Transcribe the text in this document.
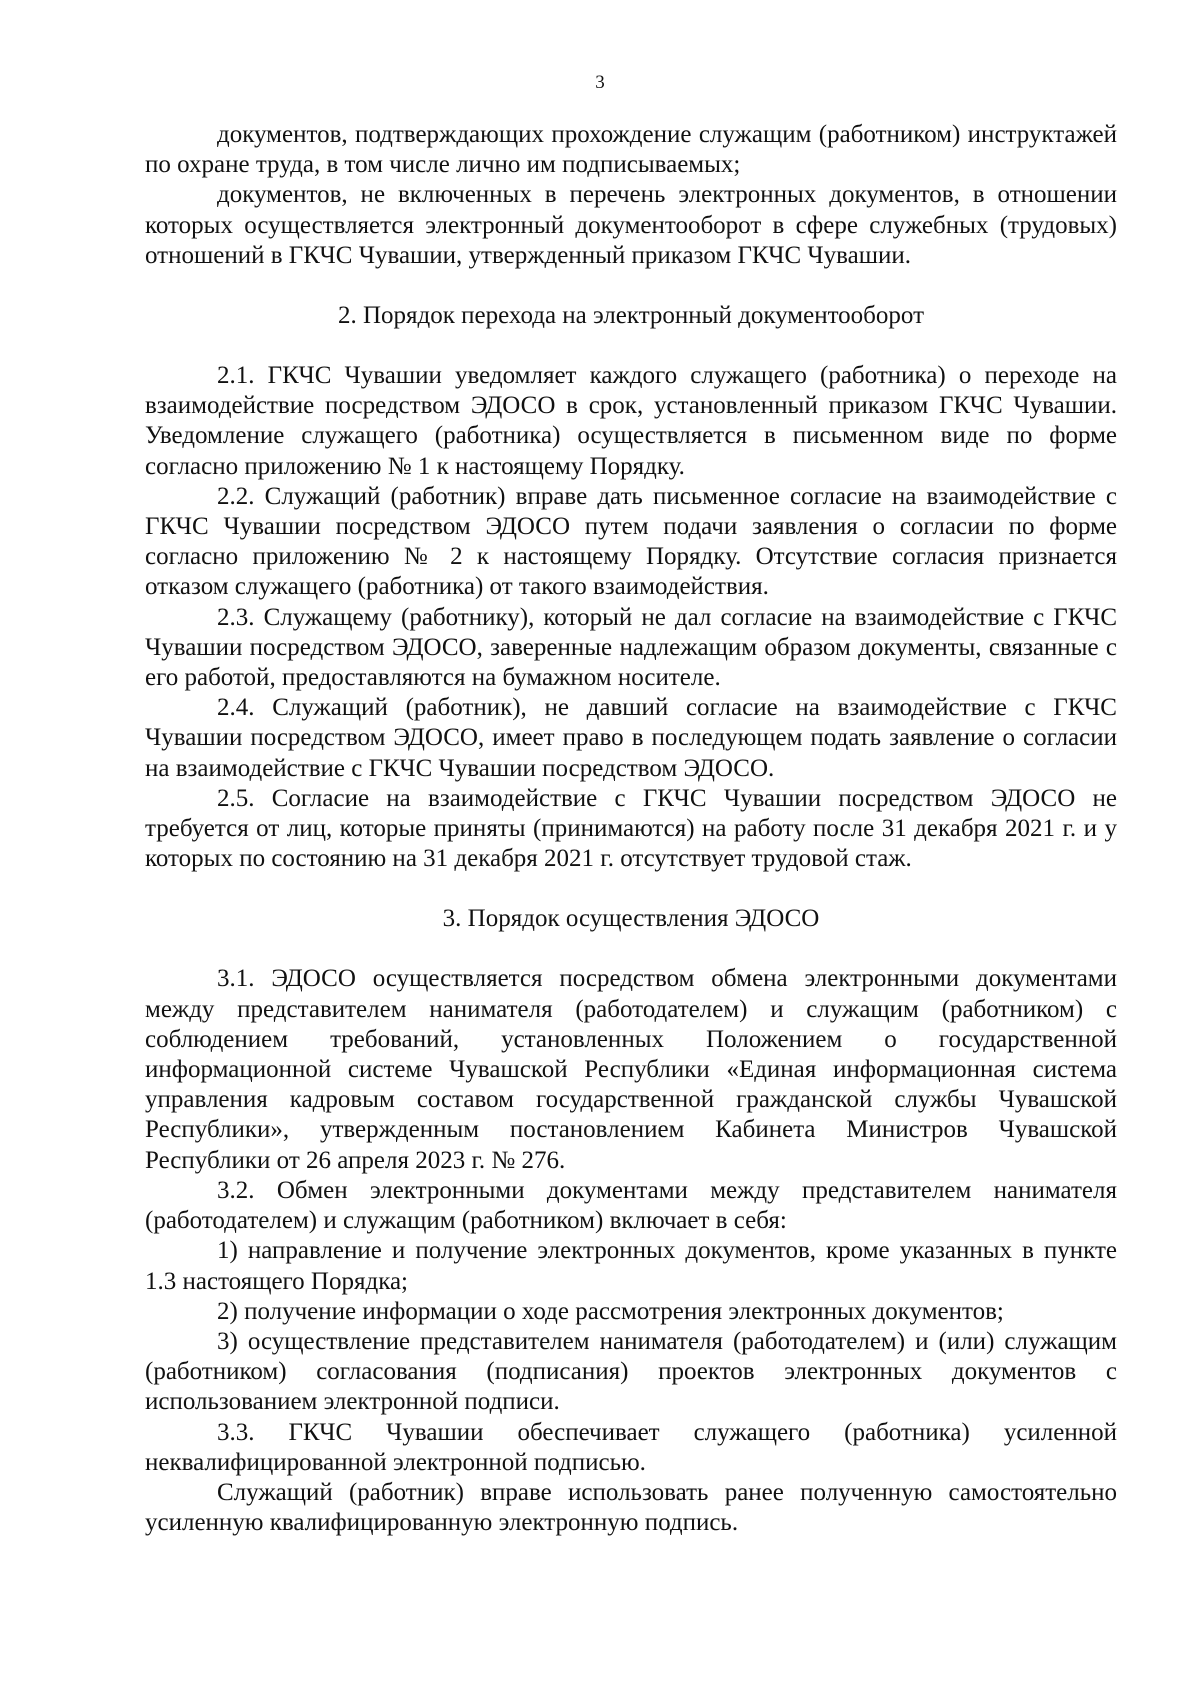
3

документов, подтверждающих прохождение служащим (работником) инструктажей по охране труда, в том числе лично им подписываемых;

документов, не включенных в перечень электронных документов, в отношении которых осуществляется электронный документооборот в сфере служебных (трудовых) отношений в ГКЧС Чувашии, утвержденный приказом ГКЧС Чувашии.

2. Порядок перехода на электронный документооборот

2.1. ГКЧС Чувашии уведомляет каждого служащего (работника) о переходе на взаимодействие посредством ЭДОСО в срок, установленный приказом ГКЧС Чувашии. Уведомление служащего (работника) осуществляется в письменном виде по форме согласно приложению № 1 к настоящему Порядку.

2.2. Служащий (работник) вправе дать письменное согласие на взаимодействие с ГКЧС Чувашии посредством ЭДОСО путем подачи заявления о согласии по форме согласно приложению № 2 к настоящему Порядку. Отсутствие согласия признается отказом служащего (работника) от такого взаимодействия.

2.3. Служащему (работнику), который не дал согласие на взаимодействие с ГКЧС Чувашии посредством ЭДОСО, заверенные надлежащим образом документы, связанные с его работой, предоставляются на бумажном носителе.

2.4. Служащий (работник), не давший согласие на взаимодействие с ГКЧС Чувашии посредством ЭДОСО, имеет право в последующем подать заявление о согласии на взаимодействие с ГКЧС Чувашии посредством ЭДОСО.

2.5. Согласие на взаимодействие с ГКЧС Чувашии посредством ЭДОСО не требуется от лиц, которые приняты (принимаются) на работу после 31 декабря 2021 г. и у которых по состоянию на 31 декабря 2021 г. отсутствует трудовой стаж.

3. Порядок осуществления ЭДОСО

3.1. ЭДОСО осуществляется посредством обмена электронными документами между представителем нанимателя (работодателем) и служащим (работником) с соблюдением требований, установленных Положением о государственной информационной системе Чувашской Республики «Единая информационная система управления кадровым составом государственной гражданской службы Чувашской Республики», утвержденным постановлением Кабинета Министров Чувашской Республики от 26 апреля 2023 г. № 276.

3.2. Обмен электронными документами между представителем нанимателя (работодателем) и служащим (работником) включает в себя:

1) направление и получение электронных документов, кроме указанных в пункте 1.3 настоящего Порядка;

2) получение информации о ходе рассмотрения электронных документов;

3) осуществление представителем нанимателя (работодателем) и (или) служащим (работником) согласования (подписания) проектов электронных документов с использованием электронной подписи.

3.3. ГКЧС Чувашии обеспечивает служащего (работника) усиленной неквалифицированной электронной подписью.

Служащий (работник) вправе использовать ранее полученную самостоятельно усиленную квалифицированную электронную подпись.
